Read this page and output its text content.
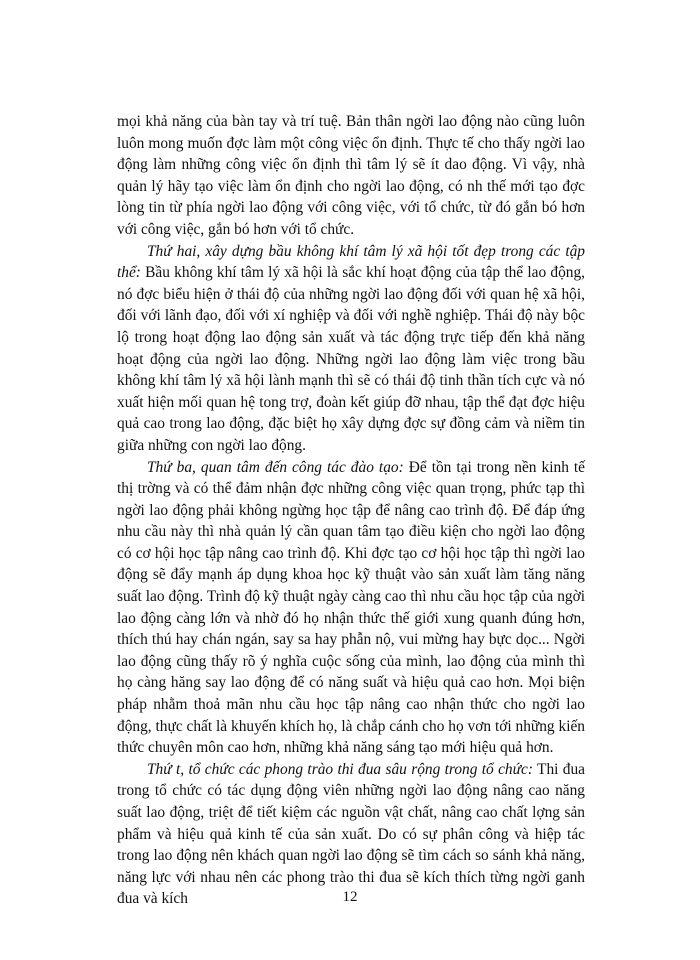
mọi khả năng của bàn tay và trí tuệ. Bản thân ngời lao động nào cũng luôn luôn mong muốn đợc làm một công việc ổn định. Thực tế cho thấy ngời lao động làm những công việc ổn định thì tâm lý sẽ ít dao động. Vì vậy, nhà quản lý hãy tạo việc làm ổn định cho ngời lao động, có nh thế mới tạo đợc lòng tin từ phía ngời lao động với công việc, với tổ chức, từ đó gắn bó hơn với công việc, gắn bó hơn với tổ chức.

Thứ hai, xây dựng bầu không khí tâm lý xã hội tốt đẹp trong các tập thể: Bầu không khí tâm lý xã hội là sắc khí hoạt động của tập thể lao động, nó đợc biểu hiện ở thái độ của những ngời lao động đối với quan hệ xã hội, đối với lãnh đạo, đối với xí nghiệp và đối với nghề nghiệp. Thái độ này bộc lộ trong hoạt động lao động sản xuất và tác động trực tiếp đến khả năng hoạt động của ngời lao động. Những ngời lao động làm việc trong bầu không khí tâm lý xã hội lành mạnh thì sẽ có thái độ tinh thần tích cực và nó xuất hiện mối quan hệ tong trợ, đoàn kết giúp đỡ nhau, tập thể đạt đợc hiệu quả cao trong lao động, đặc biệt họ xây dựng đợc sự đồng cảm và niềm tin giữa những con ngời lao động.

Thứ ba, quan tâm đến công tác đào tạo: Để tồn tại trong nền kinh tế thị trờng và có thể đảm nhận đợc những công việc quan trọng, phức tạp thì ngời lao động phải không ngừng học tập để nâng cao trình độ. Để đáp ứng nhu cầu này thì nhà quản lý cần quan tâm tạo điều kiện cho ngời lao động có cơ hội học tập nâng cao trình độ. Khi đợc tạo cơ hội học tập thì ngời lao động sẽ đẩy mạnh áp dụng khoa học kỹ thuật vào sản xuất làm tăng năng suất lao động. Trình độ kỹ thuật ngày càng cao thì nhu cầu học tập của ngời lao động càng lớn và nhờ đó họ nhận thức thế giới xung quanh đúng hơn, thích thú hay chán ngán, say sa hay phẫn nộ, vui mừng hay bực dọc... Ngời lao động cũng thấy rõ ý nghĩa cuộc sống của mình, lao động của mình thì họ càng hăng say lao động để có năng suất và hiệu quả cao hơn. Mọi biện pháp nhằm thoả mãn nhu cầu học tập nâng cao nhận thức cho ngời lao động, thực chất là khuyến khích họ, là chắp cánh cho họ vơn tới những kiến thức chuyên môn cao hơn, những khả năng sáng tạo mới hiệu quả hơn.

Thứ t, tổ chức các phong trào thi đua sâu rộng trong tổ chức: Thi đua trong tổ chức có tác dụng động viên những ngời lao động nâng cao năng suất lao động, triệt để tiết kiệm các nguồn vật chất, nâng cao chất lợng sản phẩm và hiệu quả kinh tế của sản xuất. Do có sự phân công và hiệp tác trong lao động nên khách quan ngời lao động sẽ tìm cách so sánh khả năng, năng lực với nhau nên các phong trào thi đua sẽ kích thích từng ngời ganh đua và kích	12
